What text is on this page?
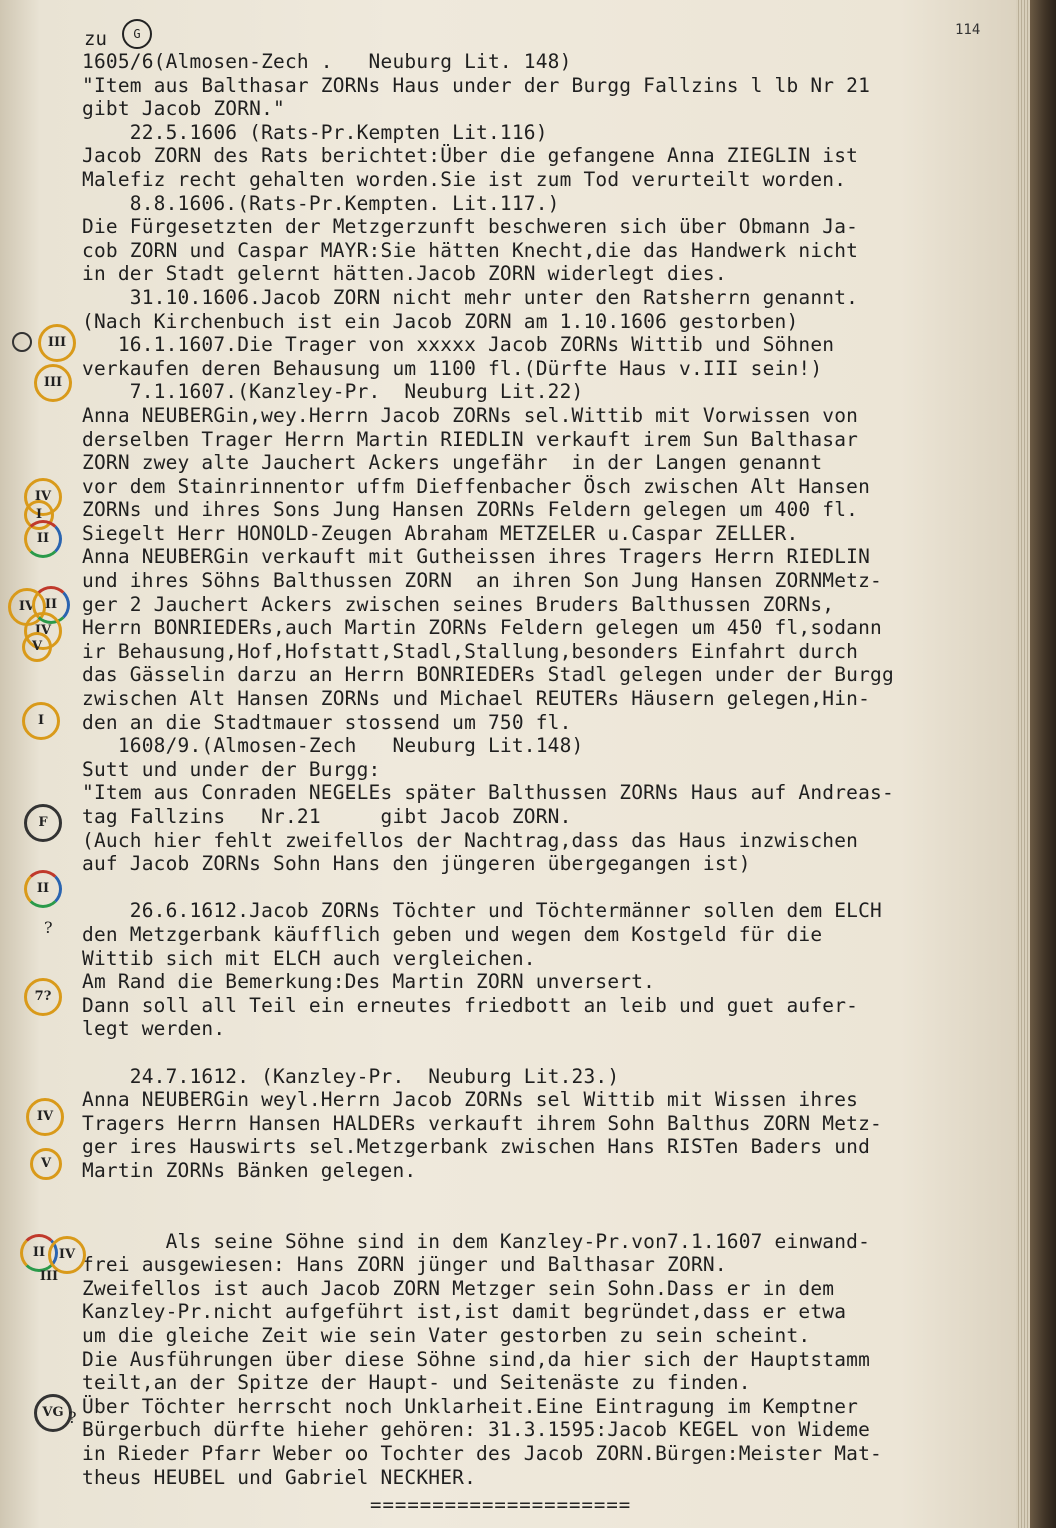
114
zu	G
1605/6(Almosen-Zech .   Neuburg Lit. 148)
"Item aus Balthasar ZORNs Haus under der Burgg Fallzins l lb Nr 21
gibt Jacob ZORN."
22.5.1606 (Rats-Pr.Kempten Lit.116)
Jacob ZORN des Rats berichtet:Über die gefangene Anna ZIEGLIN ist
Malefiz recht gehalten worden.Sie ist zum Tod verurteilt worden.
8.8.1606.(Rats-Pr.Kempten. Lit.117.)
Die Fürgesetzten der Metzgerzunft beschweren sich über Obmann Ja-
cob ZORN und Caspar MAYR:Sie hätten Knecht,die das Handwerk nicht
in der Stadt gelernt hätten.Jacob ZORN widerlegt dies.
31.10.1606.Jacob ZORN nicht mehr unter den Ratsherrn genannt.
(Nach Kirchenbuch ist ein Jacob ZORN am 1.10.1606 gestorben)
16.1.1607.Die Trager von xxxxx Jacob ZORNs Wittib und Söhnen
verkaufen deren Behausung um 1100 fl.(Dürfte Haus v.III sein!)
7.1.1607.(Kanzley-Pr.  Neuburg Lit.22)
Anna NEUBERGin,wey.Herrn Jacob ZORNs sel.Wittib mit Vorwissen von
derselben Trager Herrn Martin RIEDLIN verkauft irem Sun Balthasar
ZORN zwey alte Jauchert Ackers ungefähr  in der Langen genannt
vor dem Stainrinnentor uffm Dieffenbacher Ösch zwischen Alt Hansen
ZORNs und ihres Sons Jung Hansen ZORNs Feldern gelegen um 400 fl.
Siegelt Herr HONOLD-Zeugen Abraham METZELER u.Caspar ZELLER.
Anna NEUBERGin verkauft mit Gutheissen ihres Tragers Herrn RIEDLIN
und ihres Söhns Balthussen ZORN  an ihren Son Jung Hansen ZORNMetz-
ger 2 Jauchert Ackers zwischen seines Bruders Balthussen ZORNs,
Herrn BONRIEDERs,auch Martin ZORNs Feldern gelegen um 450 fl,sodann
ir Behausung,Hof,Hofstatt,Stadl,Stallung,besonders Einfahrt durch
das Gässelin darzu an Herrn BONRIEDERs Stadl gelegen under der Burgg
zwischen Alt Hansen ZORNs und Michael REUTERs Häusern gelegen,Hin-
den an die Stadtmauer stossend um 750 fl.
1608/9.(Almosen-Zech   Neuburg Lit.148)
Sutt und under der Burgg:
"Item aus Conraden NEGELEs später Balthussen ZORNs Haus auf Andreas-
tag Fallzins   Nr.21     gibt Jacob ZORN.
(Auch hier fehlt zweifellos der Nachtrag,dass das Haus inzwischen
auf Jacob ZORNs Sohn Hans den jüngeren übergegangen ist)
26.6.1612.Jacob ZORNs Töchter und Töchtermänner sollen dem ELCH
den Metzgerbank käufflich geben und wegen dem Kostgeld für die
Wittib sich mit ELCH auch vergleichen.
Am Rand die Bemerkung:Des Martin ZORN unversert.
Dann soll all Teil ein erneutes friedbott an leib und guet aufer-
legt werden.
24.7.1612. (Kanzley-Pr.  Neuburg Lit.23.)
Anna NEUBERGin weyl.Herrn Jacob ZORNs sel Wittib mit Wissen ihres
Tragers Herrn Hansen HALDERs verkauft ihrem Sohn Balthus ZORN Metz-
ger ires Hauswirts sel.Metzgerbank zwischen Hans RISTen Baders und
Martin ZORNs Bänken gelegen.
Als seine Söhne sind in dem Kanzley-Pr.von7.1.1607 einwand-
frei ausgewiesen: Hans ZORN jünger und Balthasar ZORN.
Zweifellos ist auch Jacob ZORN Metzger sein Sohn.Dass er in dem
Kanzley-Pr.nicht aufgeführt ist,ist damit begründet,dass er etwa
um die gleiche Zeit wie sein Vater gestorben zu sein scheint.
Die Ausführungen über diese Söhne sind,da hier sich der Hauptstamm
teilt,an der Spitze der Haupt- und Seitenäste zu finden.
Über Töchter herrscht noch Unklarheit.Eine Eintragung im Kemptner
Bürgerbuch dürfte hieher gehören: 31.3.1595:Jacob KEGEL von Wideme
in Rieder Pfarr Weber oo Tochter des Jacob ZORN.Bürgen:Meister Mat-
theus HEUBEL und Gabriel NECKHER.
=====================
III
III
IV
I
II
IV II
IV
V
I
F
II
?
7?
IV
V
II	IV
III
VG ?
